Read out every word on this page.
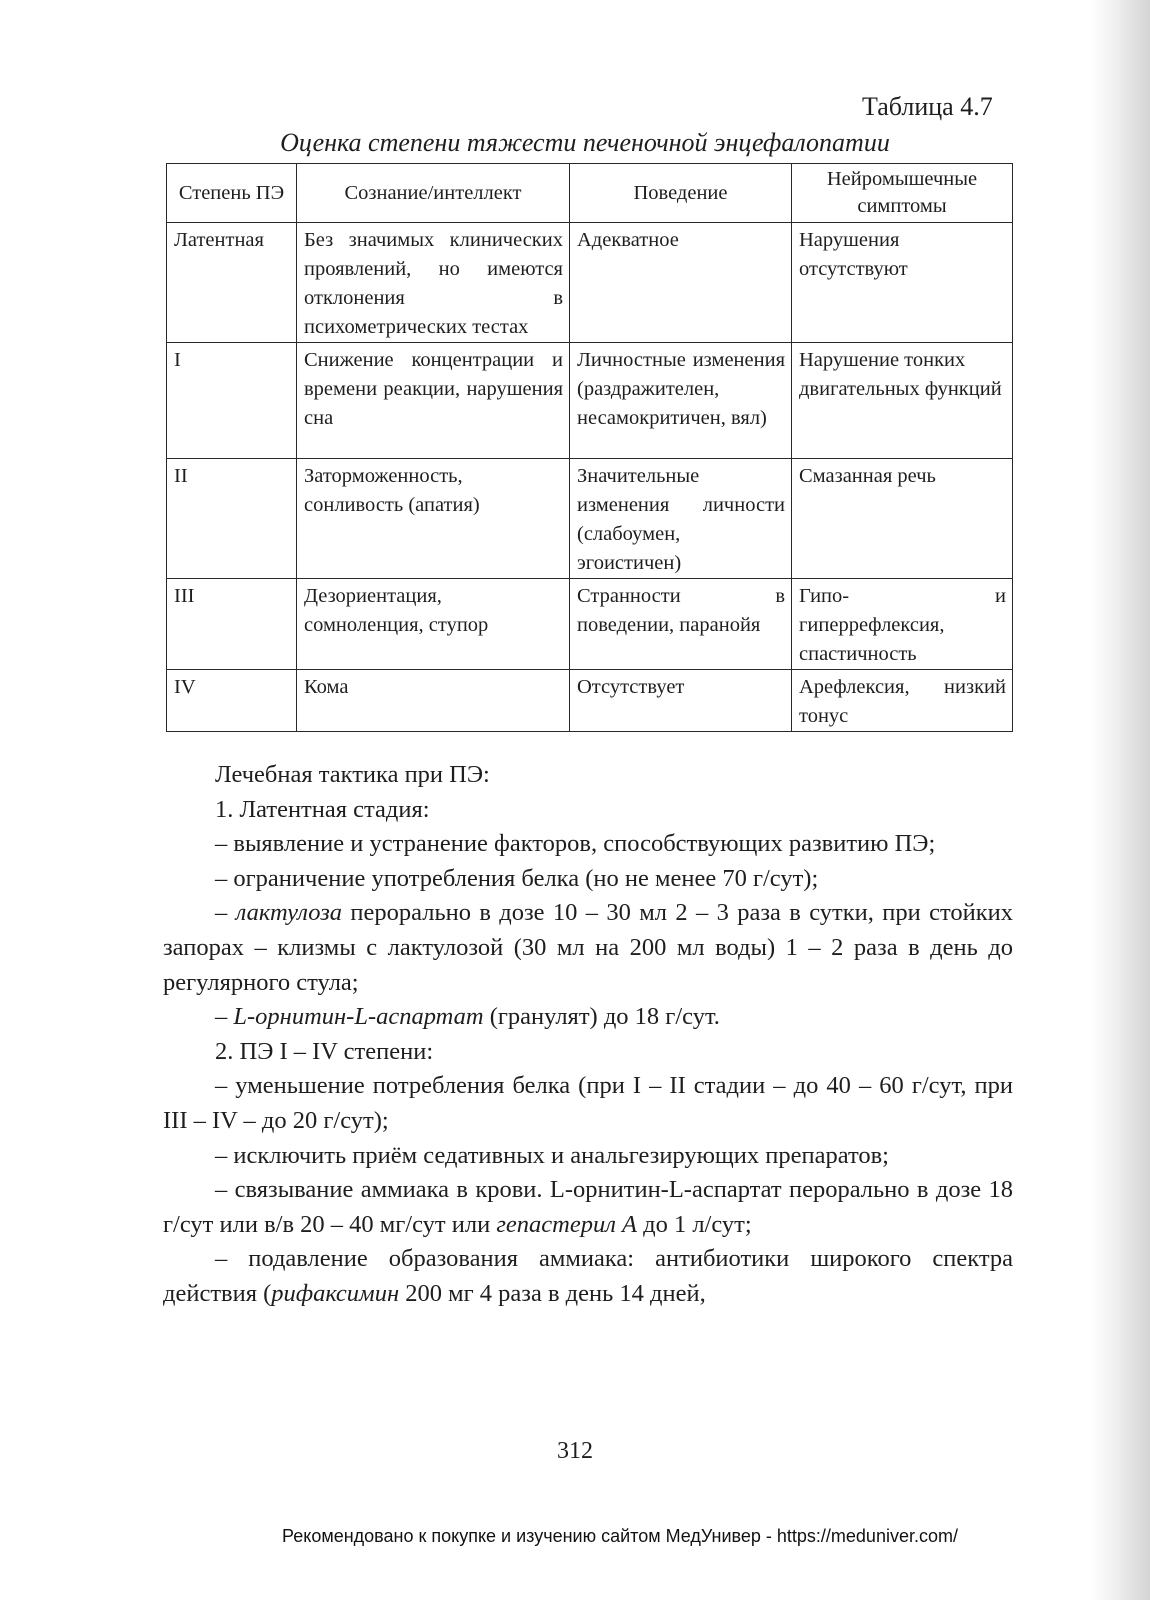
Таблица 4.7
Оценка степени тяжести печеночной энцефалопатии
Степень ПЭ	Сознание/интеллект	Поведение	Нейромышечные симптомы
Латентная	Без значимых клинических проявлений, но имеются отклонения в психометрических тестах	Адекватное	Нарушения отсутствуют
I	Снижение концентрации и времени реакции, нарушения сна	Личностные изменения (раздражителен, несамокритичен, вял)	Нарушение тонких двигательных функций
II	Заторможенность, сонливость (апатия)	Значительные изменения личности (слабоумен, эгоистичен)	Смазанная речь
III	Дезориентация, сомноленция, ступор	Странности в поведении, паранойя	Гипо- и гиперрефлексия, спастичность
IV	Кома	Отсутствует	Арефлексия, низкий тонус

Лечебная тактика при ПЭ:

1. Латентная стадия:

– выявление и устранение факторов, способствующих развитию ПЭ;

– ограничение употребления белка (но не менее 70 г/сут);

– лактулоза перорально в дозе 10 – 30 мл 2 – 3 раза в сутки, при стойких запорах – клизмы с лактулозой (30 мл на 200 мл воды) 1 – 2 раза в день до регулярного стула;

– L-орнитин-L-аспартат (гранулят) до 18 г/сут.

2. ПЭ I – IV степени:

– уменьшение потребления белка (при I – II стадии – до 40 – 60 г/сут, при III – IV – до 20 г/сут);

– исключить приём седативных и анальгезирующих препаратов;

– связывание аммиака в крови. L-орнитин-L-аспартат перорально в дозе 18 г/сут или в/в 20 – 40 мг/сут или гепастерил А до 1 л/сут;

– подавление образования аммиака: антибиотики широкого спектра действия (рифаксимин 200 мг 4 раза в день 14 дней,

312
Рекомендовано к покупке и изучению сайтом МедУнивер - https://meduniver.com/
